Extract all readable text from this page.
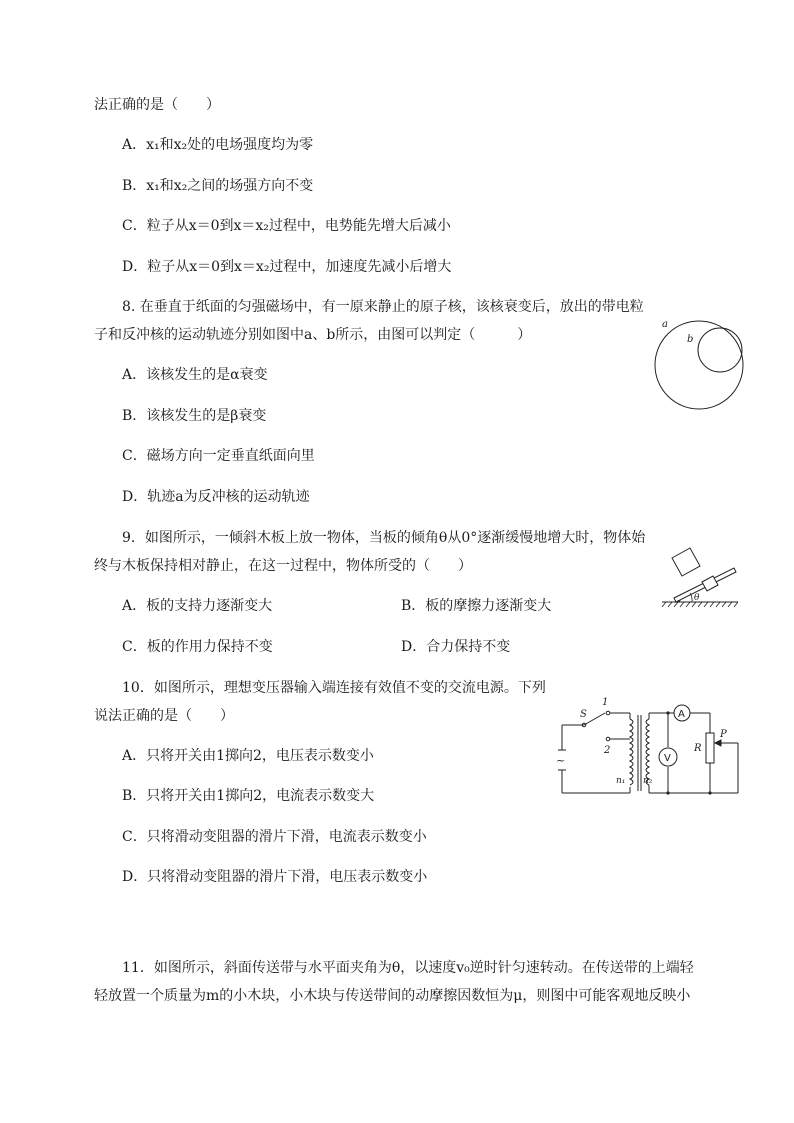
法正确的是（　　）
A．x₁和x₂处的电场强度均为零
B．x₁和x₂之间的场强方向不变
C．粒子从x＝0到x＝x₂过程中，电势能先增大后减小
D．粒子从x＝0到x＝x₂过程中，加速度先减小后增大
8. 在垂直于纸面的匀强磁场中，有一原来静止的原子核，该核衰变后，放出的带电粒
子和反冲核的运动轨迹分别如图中a、b所示，由图可以判定（　　　）
A．该核发生的是α衰变
B．该核发生的是β衰变
C．磁场方向一定垂直纸面向里
D．轨迹a为反冲核的运动轨迹
a
b
9．如图所示，一倾斜木板上放一物体，当板的倾角θ从0°逐渐缓慢地增大时，物体始
终与木板保持相对静止，在这一过程中，物体所受的（　　）
A．板的支持力逐渐变大	B．板的摩擦力逐渐变大
C．板的作用力保持不变	D．合力保持不变
θ
10．如图所示，理想变压器输入端连接有效值不变的交流电源。下列
说法正确的是（　　）
A．只将开关由1掷向2，电压表示数变小
B．只将开关由1掷向2，电流表示数变大
C．只将滑动变阻器的滑片下滑，电流表示数变小
D．只将滑动变阻器的滑片下滑，电压表示数变小
~
S
1
2
n₁ n₂
V
A
R
P
11．如图所示，斜面传送带与水平面夹角为θ，以速度v₀逆时针匀速转动。在传送带的上端轻
轻放置一个质量为m的小木块，小木块与传送带间的动摩擦因数恒为μ，则图中可能客观地反映小
